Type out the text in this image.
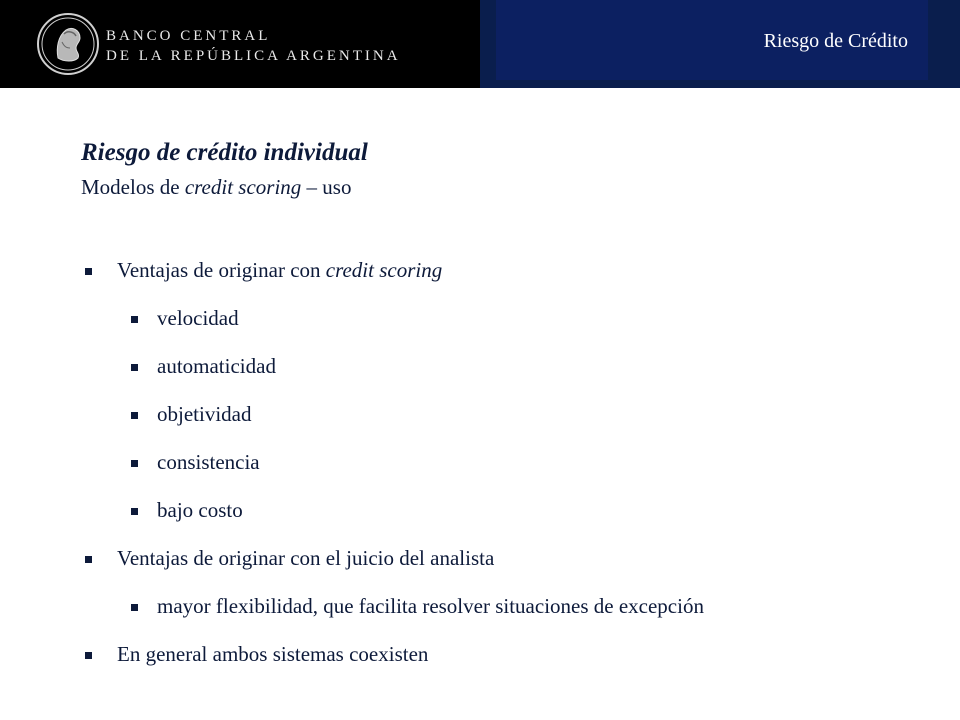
BANCO CENTRAL
DE LA REPÚBLICA ARGENTINA
Riesgo de Crédito
Riesgo de crédito individual
Modelos de credit scoring – uso
Ventajas de originar con credit scoring
velocidad
automaticidad
objetividad
consistencia
bajo costo
Ventajas de originar con el juicio del analista
mayor flexibilidad, que facilita resolver situaciones de excepción
En general ambos sistemas coexisten
